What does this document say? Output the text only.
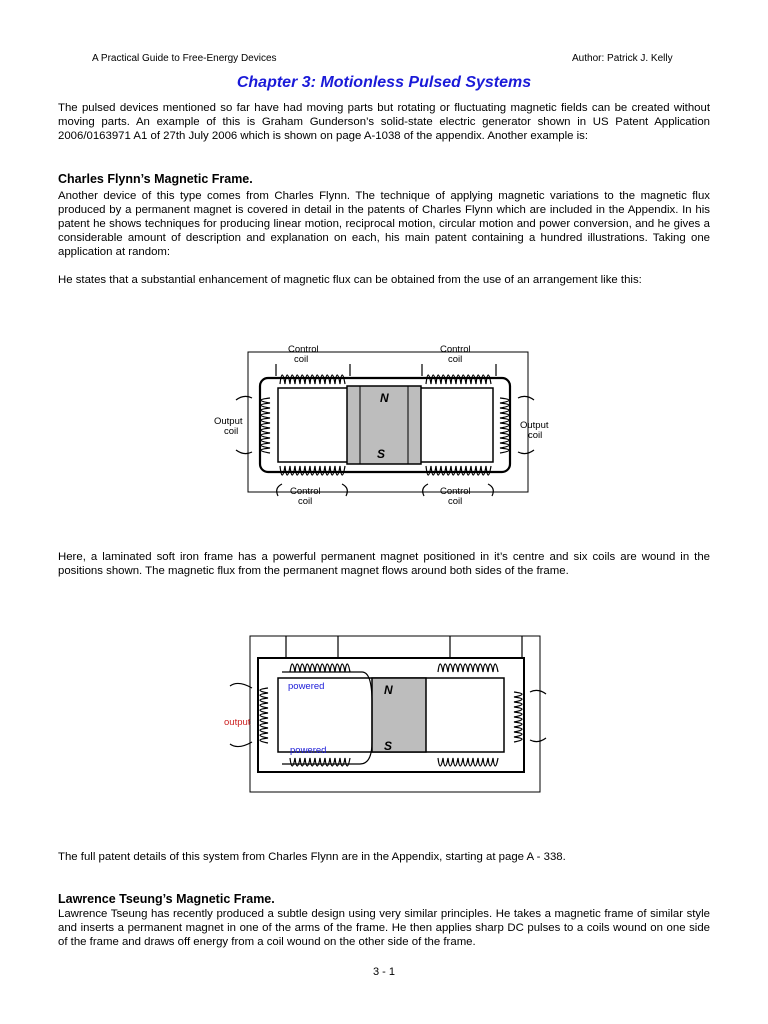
A Practical Guide to Free-Energy Devices	Author: Patrick J. Kelly
Chapter 3: Motionless Pulsed Systems

The pulsed devices mentioned so far have had moving parts but rotating or fluctuating magnetic fields can be created without moving parts. An example of this is Graham Gunderson’s solid-state electric generator shown in US Patent Application 2006/0163971 A1 of 27th July 2006 which is shown on page A-1038 of the appendix. Another example is:

Charles Flynn’s Magnetic Frame.

Another device of this type comes from Charles Flynn. The technique of applying magnetic variations to the magnetic flux produced by a permanent magnet is covered in detail in the patents of Charles Flynn which are included in the Appendix. In his patent he shows techniques for producing linear motion, reciprocal motion, circular motion and power conversion, and he gives a considerable amount of description and explanation on each, his main patent containing a hundred illustrations. Taking one application at random:

He states that a substantial enhancement of magnetic flux can be obtained from the use of an arrangement like this:

N
S
Control
coil
Control
coil
Control
coil
Control
coil
Output
coil
Output
coil

Here, a laminated soft iron frame has a powerful permanent magnet positioned in it’s centre and six coils are wound in the positions shown. The magnetic flux from the permanent magnet flows around both sides of the frame.

N
S
powered
powered
output

The full patent details of this system from Charles Flynn are in the Appendix, starting at page A - 338.

Lawrence Tseung’s Magnetic Frame.

Lawrence Tseung has recently produced a subtle design using very similar principles. He takes a magnetic frame of similar style and inserts a permanent magnet in one of the arms of the frame. He then applies sharp DC pulses to a coils wound on one side of the frame and draws off energy from a coil wound on the other side of the frame.

3 - 1
